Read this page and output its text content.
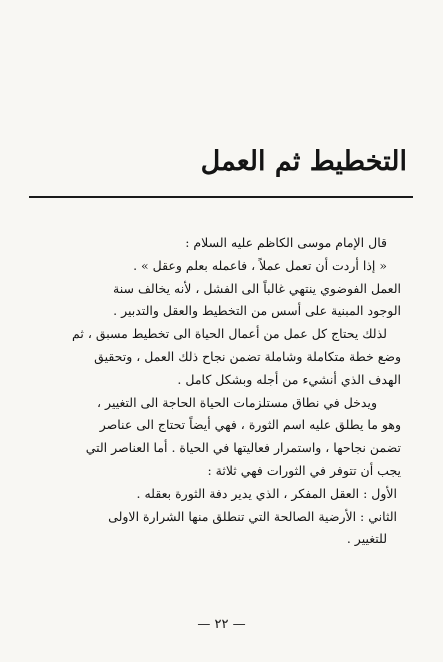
التخطيط ثم العمل
قال الإمام موسى الكاظم عليه السلام :
« إذا أردت أن تعمل عملاً ، فاعمله بعلم وعقل » .
العمل الفوضوي ينتهي غالباً الى الفشل ، لأنه يخالف سنة
الوجود المبنية على أسس من التخطيط والعقل والتدبير .
لذلك يحتاج كل عمل من أعمال الحياة الى تخطيط مسبق ، ثم
وضع خطة متكاملة وشاملة تضمن نجاح ذلك العمل ، وتحقيق
الهدف الذي أنشيء من أجله وبشكل كامل .
ويدخل في نطاق مستلزمات الحياة الحاجة الى التغيير ،
وهو ما يطلق عليه اسم الثورة ، فهي أيضاً تحتاج الى عناصر
تضمن نجاحها ، واستمرار فعاليتها في الحياة . أما العناصر التي
يجب أن تتوفر في الثورات فهي ثلاثة :
الأول : العقل المفكر ، الذي يدير دفة الثورة بعقله .
الثاني : الأرضية الصالحة التي تنطلق منها الشرارة الاولى
للتغيير .
— ٢٢ —
